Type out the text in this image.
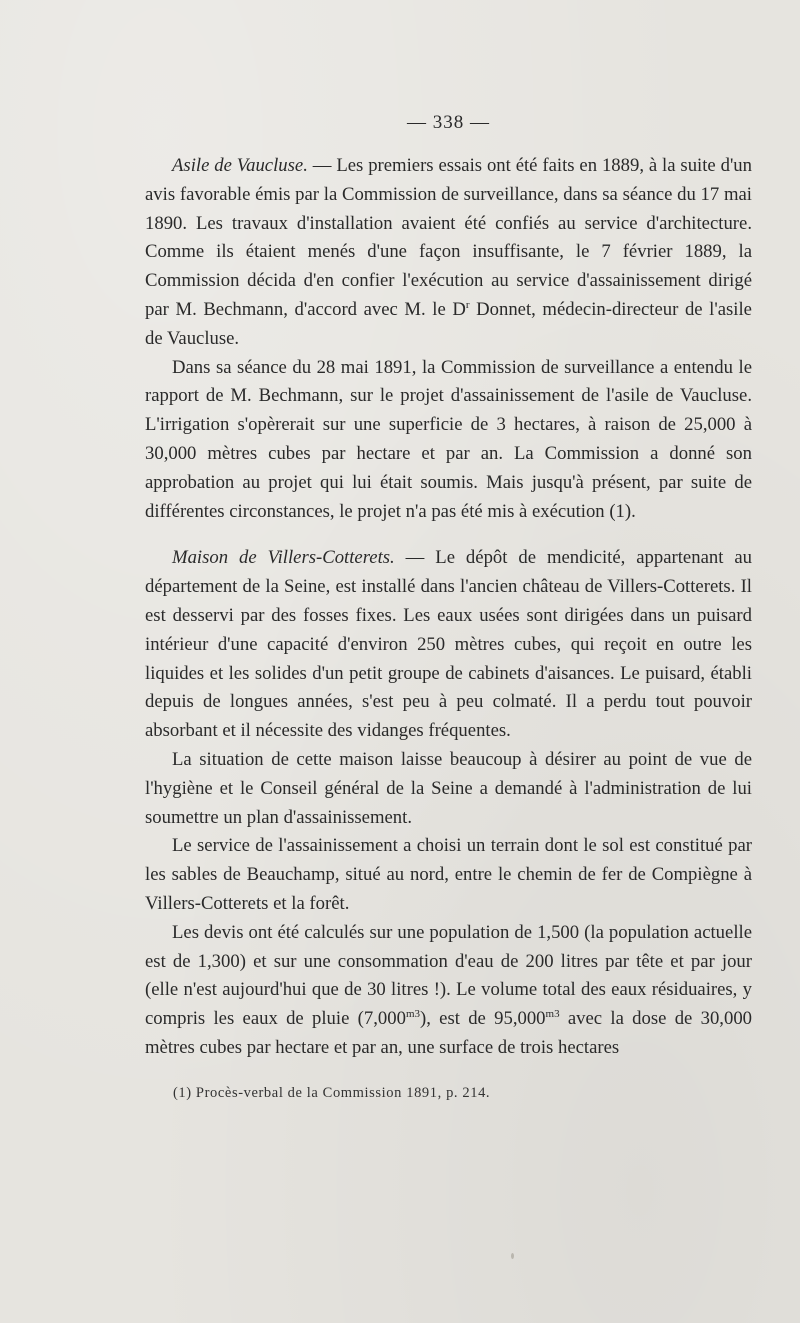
— 338 —

Asile de Vaucluse. — Les premiers essais ont été faits en 1889, à la suite d'un avis favorable émis par la Commission de surveillance, dans sa séance du 17 mai 1890. Les travaux d'installation avaient été confiés au service d'architecture. Comme ils étaient menés d'une façon insuffisante, le 7 février 1889, la Commission décida d'en confier l'exécution au service d'assainissement dirigé par M. Bechmann, d'accord avec M. le $D^r$ Donnet, médecin-directeur de l'asile de Vaucluse.

Dans sa séance du 28 mai 1891, la Commission de surveillance a entendu le rapport de M. Bechmann, sur le projet d'assainissement de l'asile de Vaucluse. L'irrigation s'opèrerait sur une superficie de 3 hectares, à raison de 25,000 à 30,000 mètres cubes par hectare et par an. La Commission a donné son approbation au projet qui lui était soumis. Mais jusqu'à présent, par suite de différentes circonstances, le projet n'a pas été mis à exécution (1).

Maison de Villers-Cotterets. — Le dépôt de mendicité, appartenant au département de la Seine, est installé dans l'ancien château de Villers-Cotterets. Il est desservi par des fosses fixes. Les eaux usées sont dirigées dans un puisard intérieur d'une capacité d'environ 250 mètres cubes, qui reçoit en outre les liquides et les solides d'un petit groupe de cabinets d'aisances. Le puisard, établi depuis de longues années, s'est peu à peu colmaté. Il a perdu tout pouvoir absorbant et il nécessite des vidanges fréquentes.

La situation de cette maison laisse beaucoup à désirer au point de vue de l'hygiène et le Conseil général de la Seine a demandé à l'administration de lui soumettre un plan d'assainissement.

Le service de l'assainissement a choisi un terrain dont le sol est constitué par les sables de Beauchamp, situé au nord, entre le chemin de fer de Compiègne à Villers-Cotterets et la forêt.

Les devis ont été calculés sur une population de 1,500 (la population actuelle est de 1,300) et sur une consommation d'eau de 200 litres par tête et par jour (elle n'est aujourd'hui que de 30 litres !). Le volume total des eaux résiduaires, y compris les eaux de pluie $(7,000^{m3})$, est de $95,000^{m3}$ avec la dose de 30,000 mètres cubes par hectare et par an, une surface de trois hectares

(1) Procès-verbal de la Commission 1891, p. 214.
